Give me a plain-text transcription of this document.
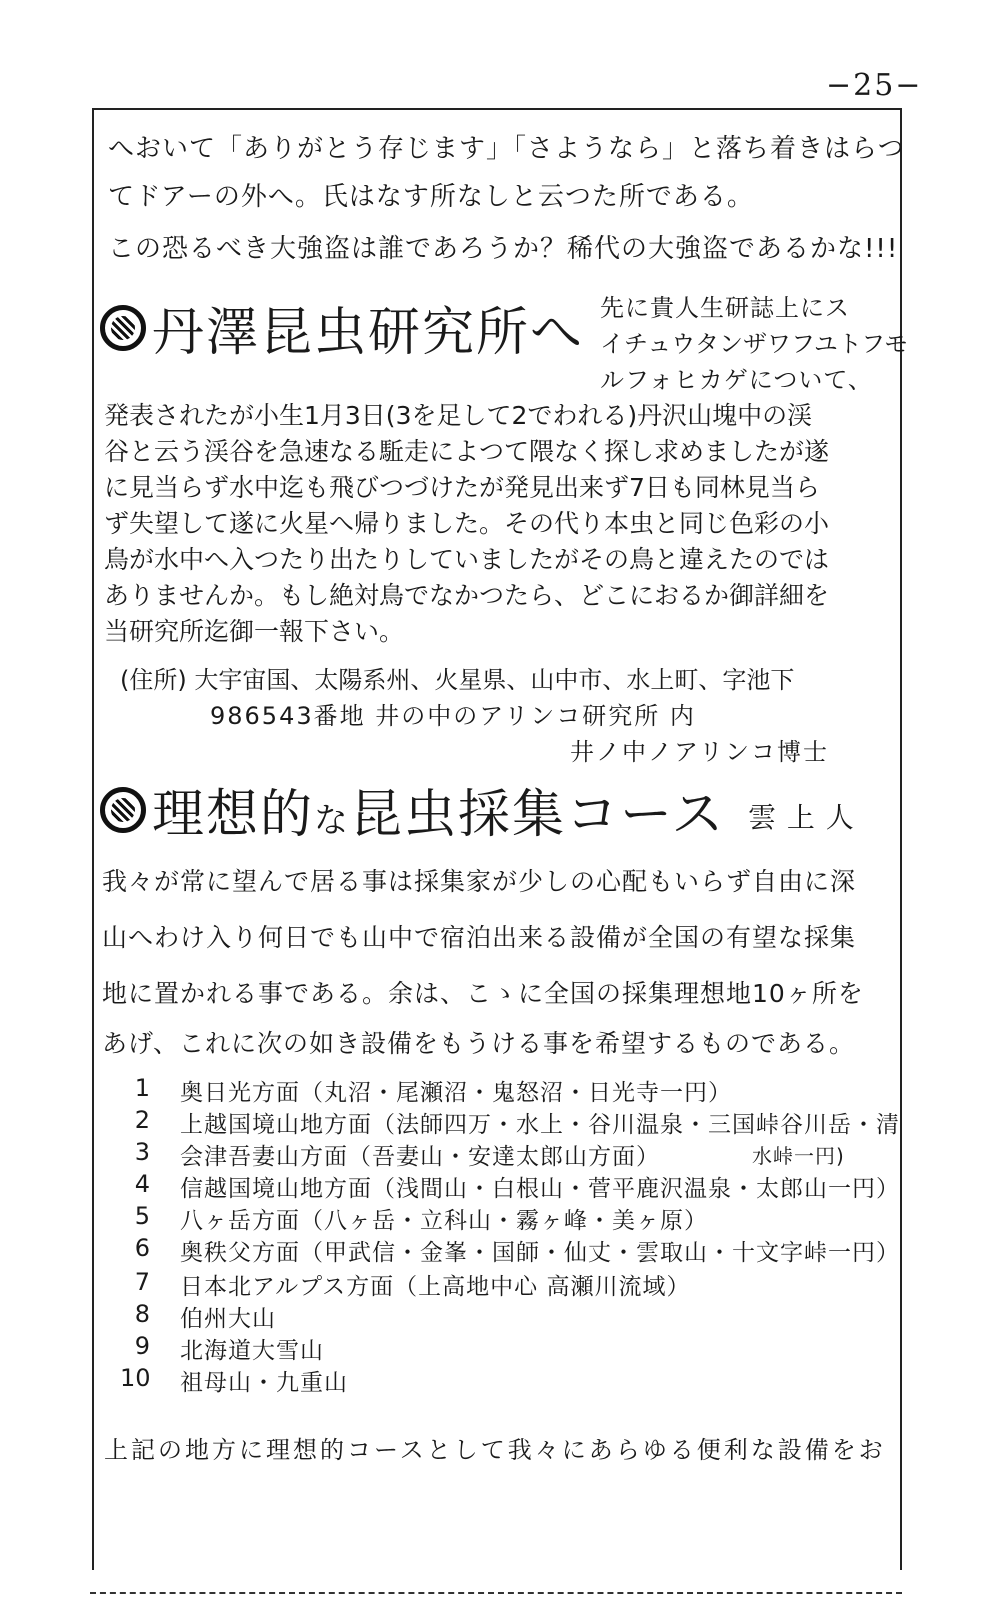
−25−
へおいて「ありがとう存じます」「さようなら」と落ち着きはらつ
てドアーの外へ。氏はなす所なしと云つた所である。
この恐るべき大強盗は誰であろうか？稀代の大強盗であるかな!!!
丹澤昆虫研究所へ 先に貴人生研誌上にス
イチュウタンザワフユトフモ
ルフォヒカゲについて、
発表されたが小生1月3日(3を足して2でわれる)丹沢山塊中の渓
谷と云う渓谷を急速なる駈走によつて隈なく探し求めましたが遂
に見当らず水中迄も飛びつづけたが発見出来ず7日も同林見当ら
ず失望して遂に火星へ帰りました。その代り本虫と同じ色彩の小
鳥が水中へ入つたり出たりしていましたがその鳥と違えたのでは
ありませんか。もし絶対鳥でなかつたら、どこにおるか御詳細を
当研究所迄御一報下さい。
(住所) 大宇宙国、太陽系州、火星県、山中市、水上町、字池下
986543番地 井の中のアリンコ研究所 内
井ノ中ノアリンコ博士
理想的な昆虫採集コース 雲 上 人
我々が常に望んで居る事は採集家が少しの心配もいらず自由に深
山へわけ入り何日でも山中で宿泊出来る設備が全国の有望な採集
地に置かれる事である。余は、こゝに全国の採集理想地10ヶ所を
あげ、これに次の如き設備をもうける事を希望するものである。
1 奥日光方面（丸沼・尾瀬沼・鬼怒沼・日光寺一円）
2 上越国境山地方面（法師四万・水上・谷川温泉・三国峠谷川岳・清
3 会津吾妻山方面（吾妻山・安達太郎山方面）	水峠一円)
4 信越国境山地方面（浅間山・白根山・菅平鹿沢温泉・太郎山一円）
5 八ヶ岳方面（八ヶ岳・立科山・霧ヶ峰・美ヶ原）
6 奥秩父方面（甲武信・金峯・国師・仙丈・雲取山・十文字峠一円）
7 日本北アルプス方面（上高地中心 高瀬川流域）
8 伯州大山
9 北海道大雪山
10 祖母山・九重山
上記の地方に理想的コースとして我々にあらゆる便利な設備をお
